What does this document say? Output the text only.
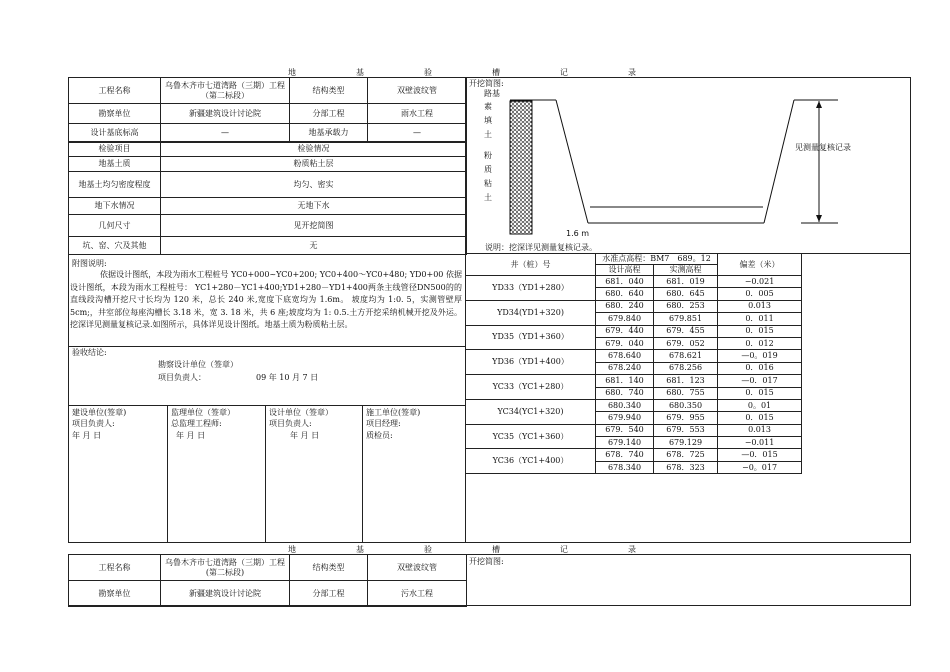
地　基　验　槽　记　录
工程名称	乌鲁木齐市七道湾路（三期）工程（第二标段）	结构类型	双壁波纹管
勘察单位	新疆建筑设计讨论院	分部工程	雨水工程
设计基底标高	—	地基承载力	—
检验项目	检验情况
地基土质	粉质粘土层
地基土均匀密度程度	均匀、密实
地下水情况	无地下水
几何尺寸	见开挖简图
坑、窑、穴及其他	无
附图说明:
依据设计图纸，本段为雨水工程桩号 YC0+000~YC0+200; YC0+400～YC0+480; YD0+00 依据设计图纸，本段为雨水工程桩号： YC1+280－YC1+400;YD1+280－YD1+400两条主线管径DN500的的直线段沟槽开挖尺寸长均为 120 米，总长 240 米,宽度下底宽均为 1.6m。 坡度均为 1:0. 5，实测管壁厚 5cm;，井室部位每座沟槽长 3.18 米，宽 3. 18 米，共 6 座;坡度均为 1: 0.5.土方开挖采纳机械开挖及外运。挖深详见测量复核记录.如图所示，具体详见设计图纸。地基土质为粉质粘土层。
验收结论:
勘察设计单位（签章）
项目负责人：	09 年 10 月 7 日
建设单位(签章)
项目负责人:
年 月 日
监理单位（签章）
总监理工程师:
年 月 日
设计单位（签章）
项目负责人:
年 月 日
施工单位(签章)
项目经理:
质检员:
开挖简图:
路基
素
填
土
粉
质
粘
土
见测量复核记录
1.6 m
说明：挖深详见测量复核记录。
井（桩）号	水准点高程：BM7　689。12		偏差（米）
	设计高程	实测高程	
YD33（YD1+280）	681．040	681．019	−0.021
	680．640	680．645	0．005
YD34(YD1+320)	680．240	680．253	0.013
	679.840	679.851	0．011
YD35（YD1+360）	679．440	679．455	0．015
	679．040	679．052	0．012
YD36（YD1+400）	678.640	678.621	—0。019
	678.240	678.256	0．016
YC33（YC1+280）	681．140	681．123	—0．017
	680．740	680．755	0．015
YC34(YC1+320)	680.340	680.350	0。01
	679.940	679．955	0．015
YC35（YC1+360）	679．540	679．553	0.013
	679.140	679.129	−0.011
YC36（YC1+400）	678．740	678．725	—0．015
	678.340	678．323	−0。017
地　基　验　槽　记　录
工程名称	乌鲁木齐市七道湾路（三期）工程(第二标段)	结构类型	双壁波纹管
勘察单位	新疆建筑设计讨论院	分部工程	污水工程
开挖简图:
